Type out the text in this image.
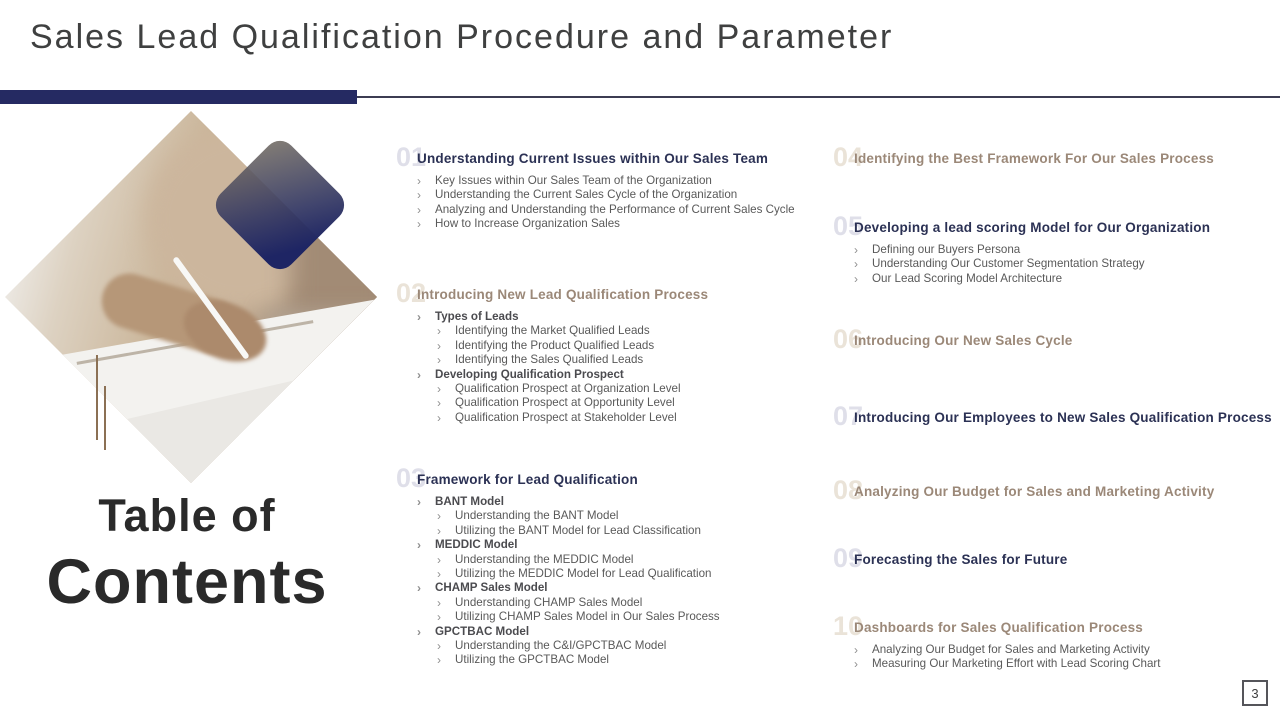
Sales Lead Qualification Procedure and Parameter
Table of
Contents
01
Understanding Current Issues within Our Sales Team
›	Key Issues within Our Sales Team of the Organization
›	Understanding the Current Sales Cycle of the Organization
›	Analyzing and Understanding the Performance of Current Sales Cycle
›	How to Increase Organization Sales
02
Introducing New Lead Qualification Process
›	Types of Leads
›	Identifying the Market Qualified Leads
›	Identifying the Product Qualified Leads
›	Identifying the Sales Qualified Leads
›	Developing Qualification Prospect
›	Qualification Prospect at Organization Level
›	Qualification Prospect at Opportunity Level
›	Qualification Prospect at Stakeholder Level
03
Framework for Lead Qualification
›	BANT Model
›	Understanding the BANT Model
›	Utilizing the BANT Model for Lead Classification
›	MEDDIC Model
›	Understanding the MEDDIC Model
›	Utilizing the MEDDIC Model for Lead Qualification
›	CHAMP Sales Model
›	Understanding CHAMP Sales Model
›	Utilizing CHAMP Sales Model in Our Sales Process
›	GPCTBAC Model
›	Understanding the C&I/GPCTBAC Model
›	Utilizing the GPCTBAC Model
04
Identifying the Best Framework For Our Sales Process
05
Developing a lead scoring Model for Our Organization
›	Defining our Buyers Persona
›	Understanding Our Customer Segmentation Strategy
›	Our Lead Scoring Model Architecture
06
Introducing Our New Sales Cycle
07
Introducing Our Employees to New Sales Qualification Process
08
Analyzing Our Budget for Sales and Marketing Activity
09
Forecasting the Sales for Future
10
Dashboards for Sales Qualification Process
›	Analyzing Our Budget for Sales and Marketing Activity
›	Measuring Our Marketing Effort with Lead Scoring Chart
3
